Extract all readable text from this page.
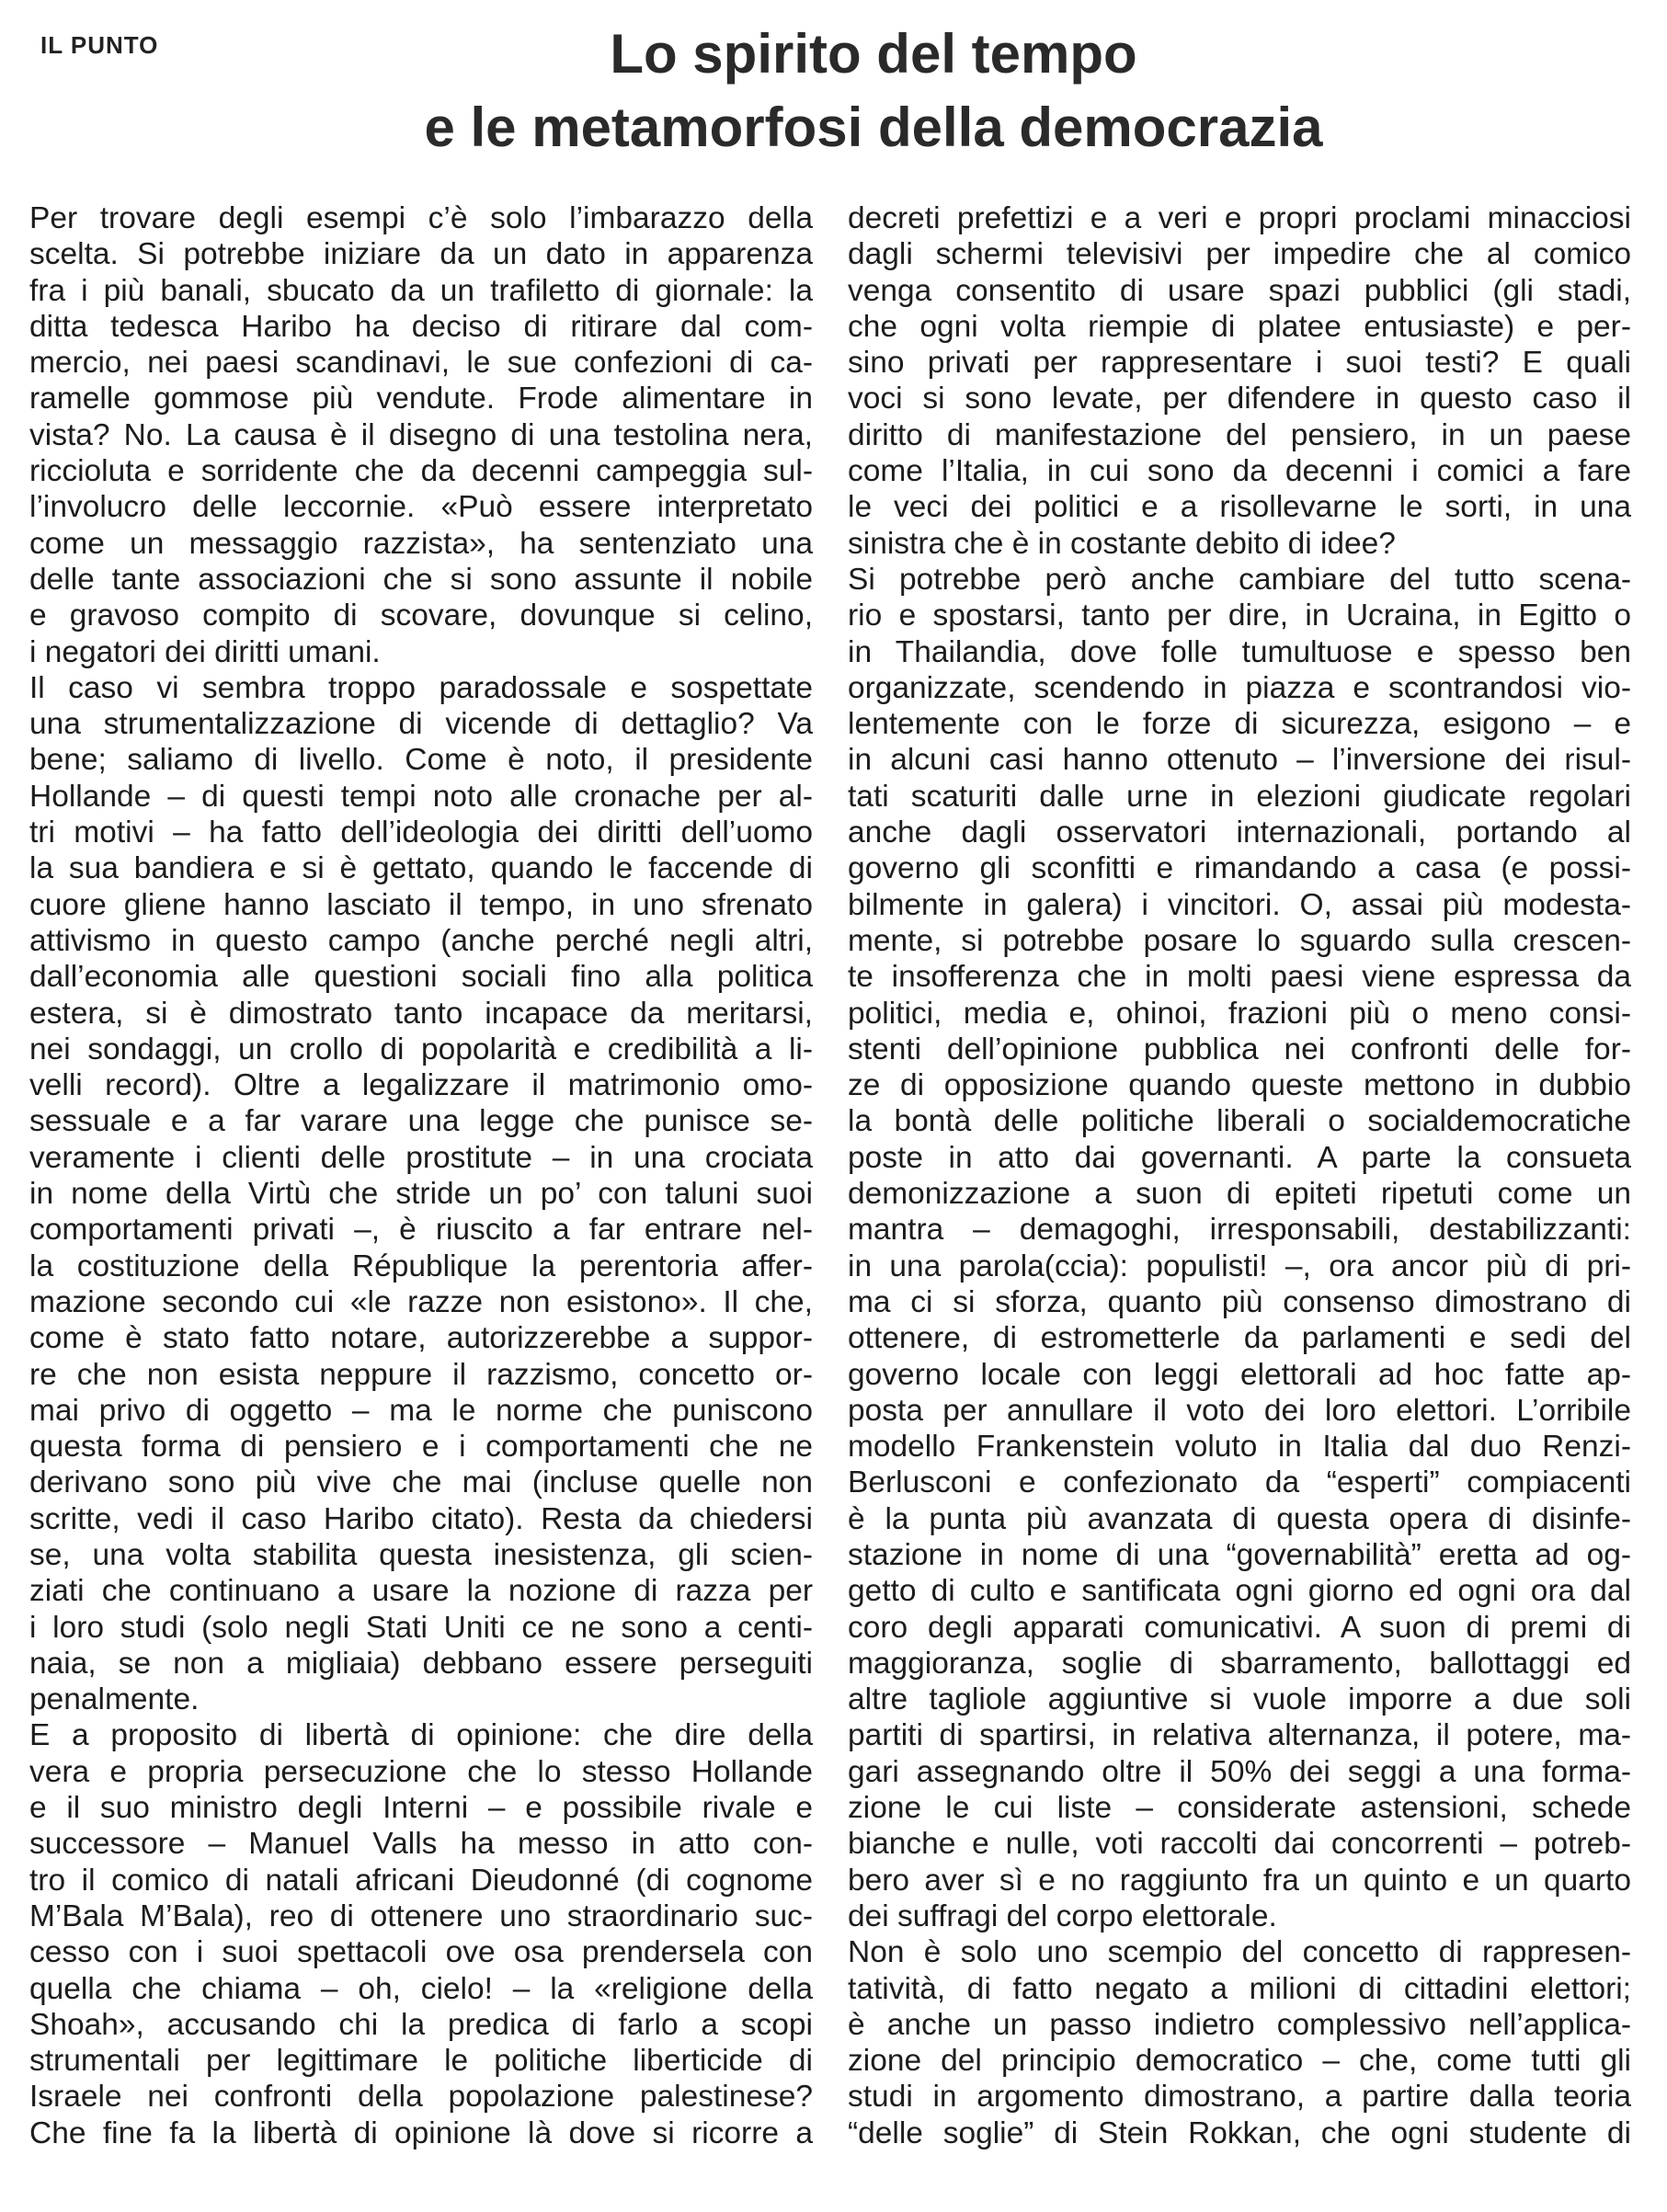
IL PUNTO	Lo spirito del tempo
e le metamorfosi della democrazia
Per trovare degli esempi c’è solo l’imbarazzo della
scelta. Si potrebbe iniziare da un dato in apparenza
fra i più banali, sbucato da un trafiletto di giornale: la
ditta tedesca Haribo ha deciso di ritirare dal com-
mercio, nei paesi scandinavi, le sue confezioni di ca-
ramelle gommose più vendute. Frode alimentare in
vista? No. La causa è il disegno di una testolina nera,
riccioluta e sorridente che da decenni campeggia sul-
l’involucro delle leccornie. «Può essere interpretato
come un messaggio razzista», ha sentenziato una
delle tante associazioni che si sono assunte il nobile
e gravoso compito di scovare, dovunque si celino,
i negatori dei diritti umani.
Il caso vi sembra troppo paradossale e sospettate
una strumentalizzazione di vicende di dettaglio? Va
bene; saliamo di livello. Come è noto, il presidente
Hollande – di questi tempi noto alle cronache per al-
tri motivi – ha fatto dell’ideologia dei diritti dell’uomo
la sua bandiera e si è gettato, quando le faccende di
cuore gliene hanno lasciato il tempo, in uno sfrenato
attivismo in questo campo (anche perché negli altri,
dall’economia alle questioni sociali fino alla politica
estera, si è dimostrato tanto incapace da meritarsi,
nei sondaggi, un crollo di popolarità e credibilità a li-
velli record). Oltre a legalizzare il matrimonio omo-
sessuale e a far varare una legge che punisce se-
veramente i clienti delle prostitute – in una crociata
in nome della Virtù che stride un po’ con taluni suoi
comportamenti privati –, è riuscito a far entrare nel-
la costituzione della République la perentoria affer-
mazione secondo cui «le razze non esistono». Il che,
come è stato fatto notare, autorizzerebbe a suppor-
re che non esista neppure il razzismo, concetto or-
mai privo di oggetto – ma le norme che puniscono
questa forma di pensiero e i comportamenti che ne
derivano sono più vive che mai (incluse quelle non
scritte, vedi il caso Haribo citato). Resta da chiedersi
se, una volta stabilita questa inesistenza, gli scien-
ziati che continuano a usare la nozione di razza per
i loro studi (solo negli Stati Uniti ce ne sono a centi-
naia, se non a migliaia) debbano essere perseguiti
penalmente.
E a proposito di libertà di opinione: che dire della
vera e propria persecuzione che lo stesso Hollande
e il suo ministro degli Interni – e possibile rivale e
successore – Manuel Valls ha messo in atto con-
tro il comico di natali africani Dieudonné (di cognome
M’Bala M’Bala), reo di ottenere uno straordinario suc-
cesso con i suoi spettacoli ove osa prendersela con
quella che chiama – oh, cielo! – la «religione della
Shoah», accusando chi la predica di farlo a scopi
strumentali per legittimare le politiche liberticide di
Israele nei confronti della popolazione palestinese?
Che fine fa la libertà di opinione là dove si ricorre a
decreti prefettizi e a veri e propri proclami minacciosi
dagli schermi televisivi per impedire che al comico
venga consentito di usare spazi pubblici (gli stadi,
che ogni volta riempie di platee entusiaste) e per-
sino privati per rappresentare i suoi testi? E quali
voci si sono levate, per difendere in questo caso il
diritto di manifestazione del pensiero, in un paese
come l’Italia, in cui sono da decenni i comici a fare
le veci dei politici e a risollevarne le sorti, in una
sinistra che è in costante debito di idee?
Si potrebbe però anche cambiare del tutto scena-
rio e spostarsi, tanto per dire, in Ucraina, in Egitto o
in Thailandia, dove folle tumultuose e spesso ben
organizzate, scendendo in piazza e scontrandosi vio-
lentemente con le forze di sicurezza, esigono – e
in alcuni casi hanno ottenuto – l’inversione dei risul-
tati scaturiti dalle urne in elezioni giudicate regolari
anche dagli osservatori internazionali, portando al
governo gli sconfitti e rimandando a casa (e possi-
bilmente in galera) i vincitori. O, assai più modesta-
mente, si potrebbe posare lo sguardo sulla crescen-
te insofferenza che in molti paesi viene espressa da
politici, media e, ohinoi, frazioni più o meno consi-
stenti dell’opinione pubblica nei confronti delle for-
ze di opposizione quando queste mettono in dubbio
la bontà delle politiche liberali o socialdemocratiche
poste in atto dai governanti. A parte la consueta
demonizzazione a suon di epiteti ripetuti come un
mantra – demagoghi, irresponsabili, destabilizzanti:
in una parola(ccia): populisti! –, ora ancor più di pri-
ma ci si sforza, quanto più consenso dimostrano di
ottenere, di estrometterle da parlamenti e sedi del
governo locale con leggi elettorali ad hoc fatte ap-
posta per annullare il voto dei loro elettori. L’orribile
modello Frankenstein voluto in Italia dal duo Renzi-
Berlusconi e confezionato da “esperti” compiacenti
è la punta più avanzata di questa opera di disinfe-
stazione in nome di una “governabilità” eretta ad og-
getto di culto e santificata ogni giorno ed ogni ora dal
coro degli apparati comunicativi. A suon di premi di
maggioranza, soglie di sbarramento, ballottaggi ed
altre tagliole aggiuntive si vuole imporre a due soli
partiti di spartirsi, in relativa alternanza, il potere, ma-
gari assegnando oltre il 50% dei seggi a una forma-
zione le cui liste – considerate astensioni, schede
bianche e nulle, voti raccolti dai concorrenti – potreb-
bero aver sì e no raggiunto fra un quinto e un quarto
dei suffragi del corpo elettorale.
Non è solo uno scempio del concetto di rappresen-
tatività, di fatto negato a milioni di cittadini elettori;
è anche un passo indietro complessivo nell’applica-
zione del principio democratico – che, come tutti gli
studi in argomento dimostrano, a partire dalla teoria
“delle soglie” di Stein Rokkan, che ogni studente di
